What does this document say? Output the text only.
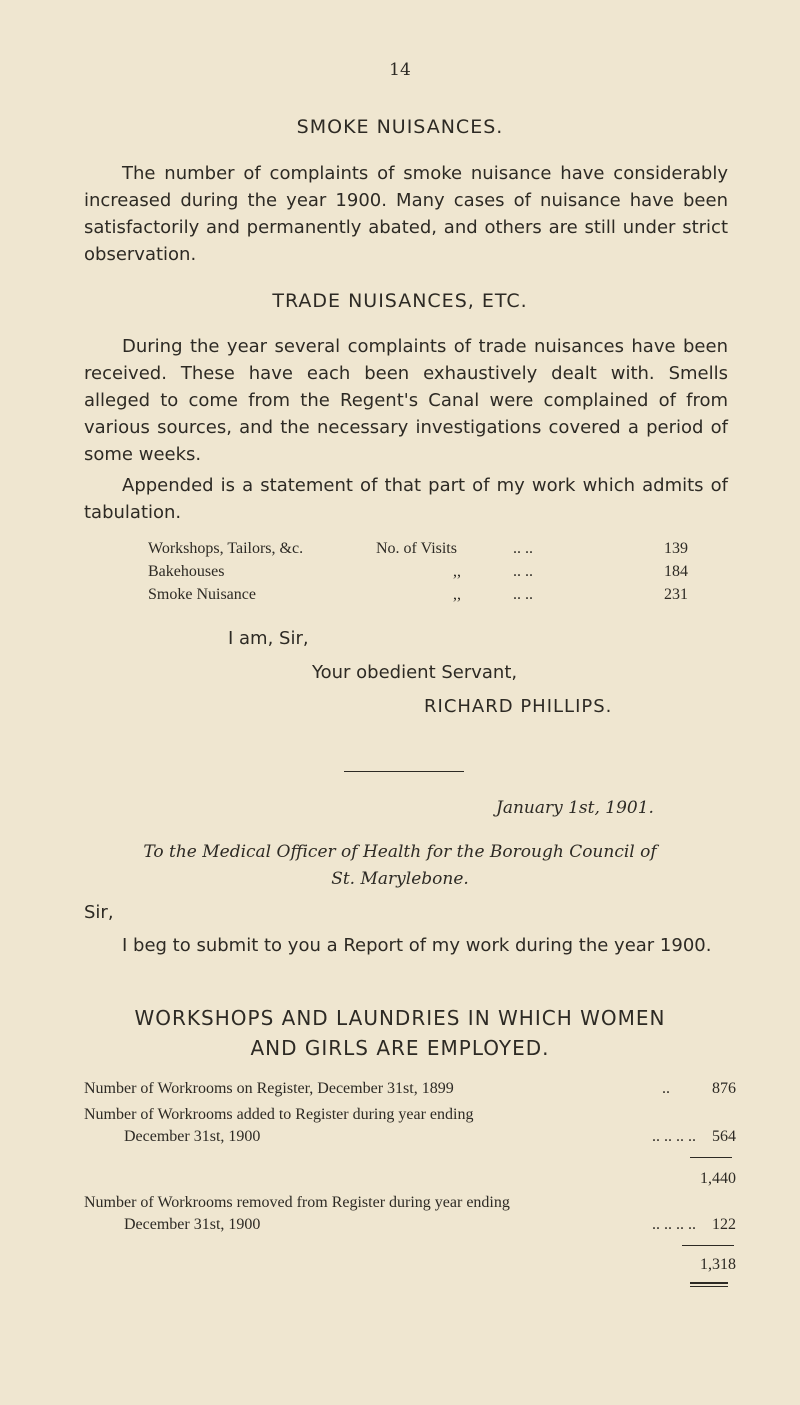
14
SMOKE NUISANCES.
The number of complaints of smoke nuisance have considerably increased during the year 1900. Many cases of nuisance have been satisfactorily and permanently abated, and others are still under strict observation.
TRADE NUISANCES, ETC.
During the year several complaints of trade nuisances have been received. These have each been exhaustively dealt with. Smells alleged to come from the Regent's Canal were complained of from various sources, and the necessary investigations covered a period of some weeks.
Appended is a statement of that part of my work which admits of tabulation.
Workshops, Tailors, &c.	No. of Visits	.. ..	139
Bakehouses	,,	.. ..	184
Smoke Nuisance	,,	.. ..	231
I am, Sir,
Your obedient Servant,
RICHARD PHILLIPS.
January 1st, 1901.
To the Medical Officer of Health for the Borough Council of
St. Marylebone.
Sir,
I beg to submit to you a Report of my work during the year 1900.
WORKSHOPS AND LAUNDRIES IN WHICH WOMEN
AND GIRLS ARE EMPLOYED.
Number of Workrooms on Register, December 31st, 1899	..	876
Number of Workrooms added to Register during year ending
December 31st, 1900	.. .. .. .. 564
1,440
Number of Workrooms removed from Register during year ending
December 31st, 1900	.. .. .. .. 122
1,318
